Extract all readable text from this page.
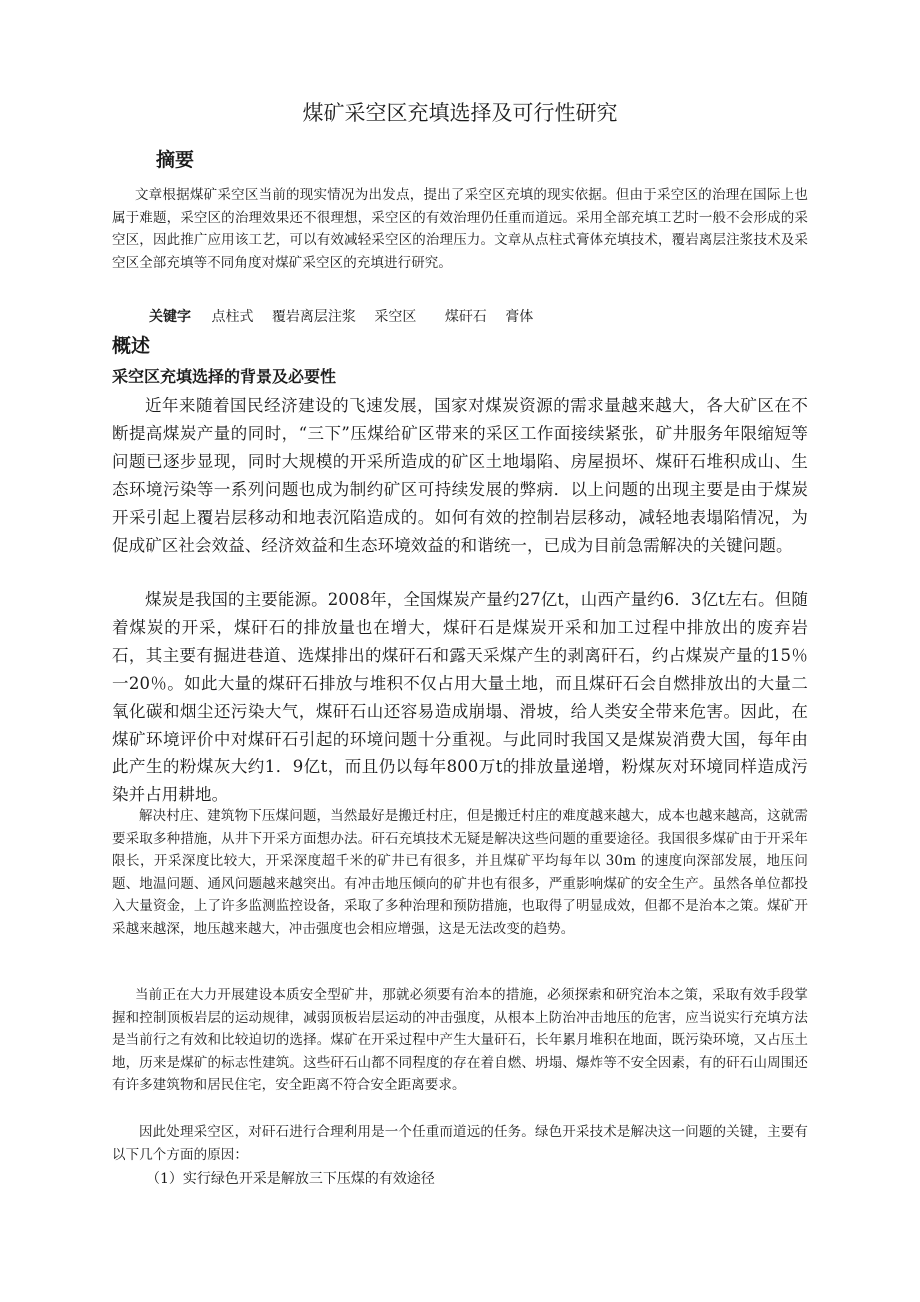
煤矿采空区充填选择及可行性研究
摘要

文章根据煤矿采空区当前的现实情况为出发点，提出了采空区充填的现实依据。但由于采空区的治理在国际上也属于难题，采空区的治理效果还不很理想，采空区的有效治理仍任重而道远。采用全部充填工艺时一般不会形成的采空区，因此推广应用该工艺，可以有效减轻采空区的治理压力。文章从点柱式膏体充填技术，覆岩离层注浆技术及采空区全部充填等不同角度对煤矿采空区的充填进行研究。

关键字 点柱式 覆岩离层注浆 采空区 煤矸石 膏体
概述
采空区充填选择的背景及必要性

近年来随着国民经济建设的飞速发展，国家对煤炭资源的需求量越来越大，各大矿区在不断提高煤炭产量的同时，“三下”压煤给矿区带来的采区工作面接续紧张，矿井服务年限缩短等问题已逐步显现，同时大规模的开采所造成的矿区土地塌陷、房屋损坏、煤矸石堆积成山、生态环境污染等一系列问题也成为制约矿区可持续发展的弊病．以上问题的出现主要是由于煤炭开采引起上覆岩层移动和地表沉陷造成的。如何有效的控制岩层移动，减轻地表塌陷情况，为促成矿区社会效益、经济效益和生态环境效益的和谐统一，已成为目前急需解决的关键问题。

煤炭是我国的主要能源。2008年，全国煤炭产量约27亿t，山西产量约6．3亿t左右。但随着煤炭的开采，煤矸石的排放量也在增大，煤矸石是煤炭开采和加工过程中排放出的废弃岩石，其主要有掘进巷道、选煤排出的煤矸石和露天采煤产生的剥离矸石，约占煤炭产量的15％一20％。如此大量的煤矸石排放与堆积不仅占用大量土地，而且煤矸石会自燃排放出的大量二氧化碳和烟尘还污染大气，煤矸石山还容易造成崩塌、滑坡，给人类安全带来危害。因此，在煤矿环境评价中对煤矸石引起的环境问题十分重视。与此同时我国又是煤炭消费大国，每年由此产生的粉煤灰大约1．9亿t，而且仍以每年800万t的排放量递增，粉煤灰对环境同样造成污染并占用耕地。

解决村庄、建筑物下压煤问题，当然最好是搬迁村庄，但是搬迁村庄的难度越来越大，成本也越来越高，这就需要采取多种措施，从井下开采方面想办法。矸石充填技术无疑是解决这些问题的重要途径。我国很多煤矿由于开采年限长，开采深度比较大，开采深度超千米的矿井已有很多，并且煤矿平均每年以 30m 的速度向深部发展，地压问题、地温问题、通风问题越来越突出。有冲击地压倾向的矿井也有很多，严重影响煤矿的安全生产。虽然各单位都投入大量资金，上了许多监测监控设备，采取了多种治理和预防措施，也取得了明显成效，但都不是治本之策。煤矿开采越来越深，地压越来越大，冲击强度也会相应增强，这是无法改变的趋势。

当前正在大力开展建设本质安全型矿井，那就必须要有治本的措施，必须探索和研究治本之策，采取有效手段掌握和控制顶板岩层的运动规律，减弱顶板岩层运动的冲击强度，从根本上防治冲击地压的危害，应当说实行充填方法是当前行之有效和比较迫切的选择。煤矿在开采过程中产生大量矸石，长年累月堆积在地面，既污染环境，又占压土地，历来是煤矿的标志性建筑。这些矸石山都不同程度的存在着自燃、坍塌、爆炸等不安全因素，有的矸石山周围还有许多建筑物和居民住宅，安全距离不符合安全距离要求。

因此处理采空区，对矸石进行合理利用是一个任重而道远的任务。绿色开采技术是解决这一问题的关键，主要有以下几个方面的原因：

（1）实行绿色开采是解放三下压煤的有效途径
